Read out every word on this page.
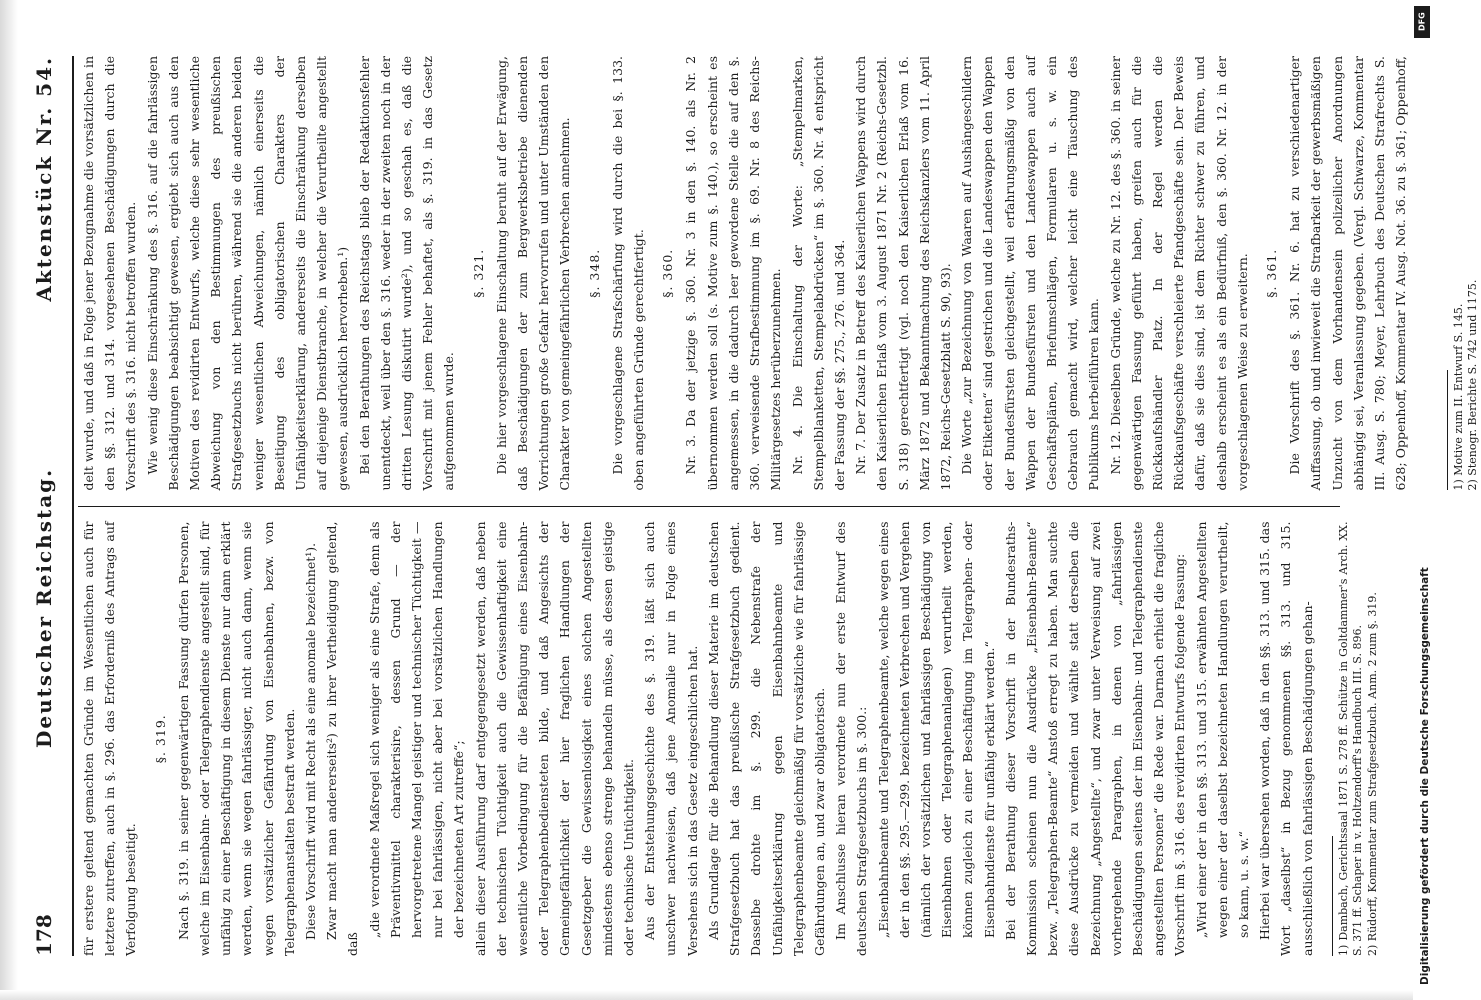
178
Deutscher Reichstag.
Aktenstück Nr. 54.

für erstere geltend gemachten Gründe im Wesentlichen auch für letztere zutreffen, auch in §. 296. das Erforderniß des Antrags auf Verfolgung beseitigt.

§. 319. Nach §. 319. in seiner gegenwärtigen Fassung dürfen Personen, welche im Eisenbahn- oder Telegraphendienste angestellt sind, für unfähig zu einer Beschäftigung in diesem Dienste nur dann erklärt werden, wenn sie wegen fahrlässiger, nicht auch dann, wenn sie wegen vorsätzlicher Gefährdung von Eisenbahnen, bezw. von Telegraphenanstalten bestraft werden. Diese Vorschrift wird mit Recht als eine anomale bezeichnet¹). Zwar macht man andererseits²) zu ihrer Vertheidigung geltend, daß

„die verordnete Maßregel sich weniger als eine Strafe, denn als Präventivmittel charakterisire, dessen Grund — der hervorgetretene Mangel geistiger und technischer Tüchtigkeit — nur bei fahrlässigen, nicht aber bei vorsätzlichen Handlungen der bezeichneten Art zutreffe“; allein dieser Ausführung darf entgegengesetzt werden, daß neben der technischen Tüchtigkeit auch die Gewissenhaftigkeit eine wesentliche Vorbedingung für die Befähigung eines Eisenbahn- oder Telegraphenbediensteten bilde, und daß Angesichts der Gemeingefährlichkeit der hier fraglichen Handlungen der Gesetzgeber die Gewissenlosigkeit eines solchen Angestellten mindestens ebenso strenge behandeln müsse, als dessen geistige oder technische Untüchtigkeit. Aus der Entstehungsgeschichte des §. 319. läßt sich auch unschwer nachweisen, daß jene Anomalie nur in Folge eines Versehens sich in das Gesetz eingeschlichen hat. Als Grundlage für die Behandlung dieser Materie im deutschen Strafgesetzbuch hat das preußische Strafgesetzbuch gedient. Dasselbe drohte im §. 299. die Nebenstrafe der Unfähigkeitserklärung gegen Eisenbahnbeamte und Telegraphenbeamte gleichmäßig für vorsätzliche wie für fahrlässige Gefährdungen an, und zwar obligatorisch. Im Anschlusse hieran verordnete nun der erste Entwurf des deutschen Strafgesetzbuchs im §. 300.: „Eisenbahnbeamte und Telegraphenbeamte, welche wegen eines der in den §§. 295.—299. bezeichneten Verbrechen und Vergehen (nämlich der vorsätzlichen und fahrlässigen Beschädigung von Eisenbahnen oder Telegraphenanlagen) verurtheilt werden, können zugleich zu einer Beschäftigung im Telegraphen- oder Eisenbahndienste für unfähig erklärt werden.“ Bei der Berathung dieser Vorschrift in der Bundesraths-Kommission scheinen nun die Ausdrücke „Eisenbahn-Beamte“ bezw. „Telegraphen-Beamte“ Anstoß erregt zu haben. Man suchte diese Ausdrücke zu vermeiden und wählte statt derselben die Bezeichnung „Angestellte“, und zwar unter Verweisung auf zwei vorhergehende Paragraphen, in denen von „fahrlässigen Beschädigungen seitens der im Eisenbahn- und Telegraphendienste angestellten Personen“ die Rede war. Darnach erhielt die fragliche Vorschrift im §. 316. des revidirten Entwurfs folgende Fassung: „Wird einer der in den §§. 313. und 315. erwähnten Angestellten wegen einer der daselbst bezeichneten Handlungen verurtheilt, so kann, u. s. w.“ Hierbei war übersehen worden, daß in den §§. 313. und 315. das Wort „daselbst“ in Bezug genommenen §§. 313. und 315. ausschließlich von fahrlässigen Beschädigungen gehan- 1) Dambach, Gerichtssaal 1871 S. 278 ff. Schütze in Goltdammer's Arch. XX. S. 371 ff. Schaper in v. Holtzendorff's Handbuch III. S. 896. 2) Rüdorff, Kommentar zum Strafgesetzbuch. Anm. 2 zum §. 319.

delt wurde, und daß in Folge jener Bezugnahme die vorsätzlichen in den §§. 312. und 314. vorgesehenen Beschädigungen durch die Vorschrift des §. 316. nicht betroffen wurden. Wie wenig diese Einschränkung des §. 316. auf die fahrlässigen Beschädigungen beabsichtigt gewesen, ergiebt sich auch aus den Motiven des revidirten Entwurfs, welche diese sehr wesentliche Abweichung von den Bestimmungen des preußischen Strafgesetzbuchs nicht berühren, während sie die anderen beiden weniger wesentlichen Abweichungen, nämlich einerseits die Beseitigung des obligatorischen Charakters der Unfähigkeitserklärung, andererseits die Einschränkung derselben auf diejenige Dienstbranche, in welcher die Verurtheilte angestellt gewesen, ausdrücklich hervorheben.¹) Bei den Berathungen des Reichstags blieb der Redaktionsfehler unentdeckt, weil über den §. 316. weder in der zweiten noch in der dritten Lesung diskutirt wurde²), und so geschah es, daß die Vorschrift mit jenem Fehler behaftet, als §. 319. in das Gesetz aufgenommen wurde.

§. 321. Die hier vorgeschlagene Einschaltung beruht auf der Erwägung, daß Beschädigungen der zum Bergwerksbetriebe dienenden Vorrichtungen große Gefahr hervorrufen und unter Umständen den Charakter von gemeingefährlichen Verbrechen annehmen. §. 348. Die vorgeschlagene Strafschärfung wird durch die bei §. 133. oben angeführten Gründe gerechtfertigt. §. 360. Nr. 3. Da der jetzige §. 360. Nr. 3 in den §. 140. als Nr. 2 übernommen werden soll (s. Motive zum §. 140.), so erscheint es angemessen, in die dadurch leer gewordene Stelle die auf den §. 360. verweisende Strafbestimmung im §. 69. Nr. 8 des Reichs-Militärgesetzes herüberzunehmen. Nr. 4. Die Einschaltung der Worte: „Stempelmarken, Stempelblanketten, Stempelabdrücken“ im §. 360. Nr. 4 entspricht der Fassung der §§. 275., 276. und 364. Nr. 7. Der Zusatz in Betreff des Kaiserlichen Wappens wird durch den Kaiserlichen Erlaß vom 3. August 1871 Nr. 2 (Reichs-Gesetzbl. S. 318) gerechtfertigt (vgl. noch den Kaiserlichen Erlaß vom 16. März 1872 und Bekanntmachung des Reichskanzlers vom 11. April 1872, Reichs-Gesetzblatt S. 90, 93). Die Worte „zur Bezeichnung von Waaren auf Aushängeschildern oder Etiketten“ sind gestrichen und die Landeswappen den Wappen der Bundesfürsten gleichgestellt, weil erfahrungsmäßig von den Wappen der Bundesfürsten und den Landeswappen auch auf Geschäftsplänen, Briefumschlägen, Formularen u. s. w. ein Gebrauch gemacht wird, welcher leicht eine Täuschung des Publikums herbeiführen kann. Nr. 12. Dieselben Gründe, welche zu Nr. 12. des §. 360. in seiner gegenwärtigen Fassung geführt haben, greifen auch für die Rückkaufshändler Platz. In der Regel werden die Rückkaufsgeschäfte verschleierte Pfandgeschäfte sein. Der Beweis dafür, daß sie dies sind, ist dem Richter schwer zu führen, und deshalb erscheint es als ein Bedürfniß, den §. 360. Nr. 12. in der vorgeschlagenen Weise zu erweitern. §. 361.

Die Vorschrift des §. 361. Nr. 6. hat zu verschiedenartiger Auffassung, ob und inwieweit die Strafbarkeit der gewerbsmäßigen Unzucht von dem Vorhandensein polizeilicher Anordnungen abhängig sei, Veranlassung gegeben. (Vergl. Schwarze, Kommentar III. Ausg. S. 780; Meyer, Lehrbuch des Deutschen Strafrechts S. 628; Oppenhoff, Kommentar IV. Ausg. Not. 36. zu §. 361; Oppenhoff,

1) Motive zum II. Entwurf S. 145. 2) Stenogr. Berichte S. 742 und 1175.

DFG
Digitalisierung gefördert durch die Deutsche Forschungsgemeinschaft
